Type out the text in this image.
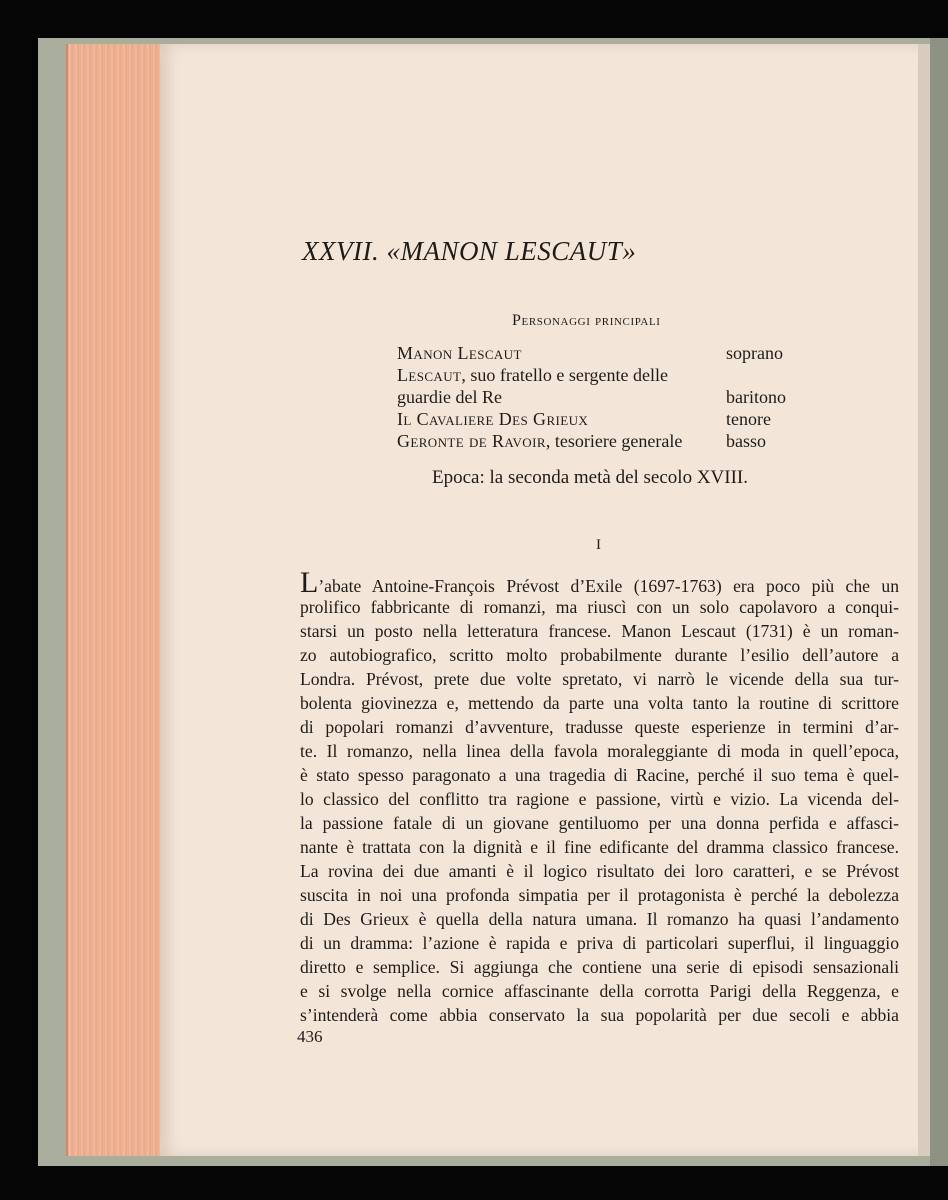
XXVII. «MANON LESCAUT»
Personaggi principali
Manon Lescaut	soprano
Lescaut, suo fratello e sergente delle
guardie del Re	baritono
Il Cavaliere Des Grieux	tenore
Geronte de Ravoir, tesoriere generale basso
Epoca: la seconda metà del secolo XVIII.
I
L’abate Antoine-François Prévost d’Exile (1697-1763) era poco più che un
prolifico fabbricante di romanzi, ma riuscì con un solo capolavoro a conqui-
starsi un posto nella letteratura francese. Manon Lescaut (1731) è un roman-
zo autobiografico, scritto molto probabilmente durante l’esilio dell’autore a
Londra. Prévost, prete due volte spretato, vi narrò le vicende della sua tur-
bolenta giovinezza e, mettendo da parte una volta tanto la routine di scrittore
di popolari romanzi d’avventure, tradusse queste esperienze in termini d’ar-
te. Il romanzo, nella linea della favola moraleggiante di moda in quell’epoca,
è stato spesso paragonato a una tragedia di Racine, perché il suo tema è quel-
lo classico del conflitto tra ragione e passione, virtù e vizio. La vicenda del-
la passione fatale di un giovane gentiluomo per una donna perfida e affasci-
nante è trattata con la dignità e il fine edificante del dramma classico francese.
La rovina dei due amanti è il logico risultato dei loro caratteri, e se Prévost
suscita in noi una profonda simpatia per il protagonista è perché la debolezza
di Des Grieux è quella della natura umana. Il romanzo ha quasi l’andamento
di un dramma: l’azione è rapida e priva di particolari superflui, il linguaggio
diretto e semplice. Si aggiunga che contiene una serie di episodi sensazionali
e si svolge nella cornice affascinante della corrotta Parigi della Reggenza, e
s’intenderà come abbia conservato la sua popolarità per due secoli e abbia
436
